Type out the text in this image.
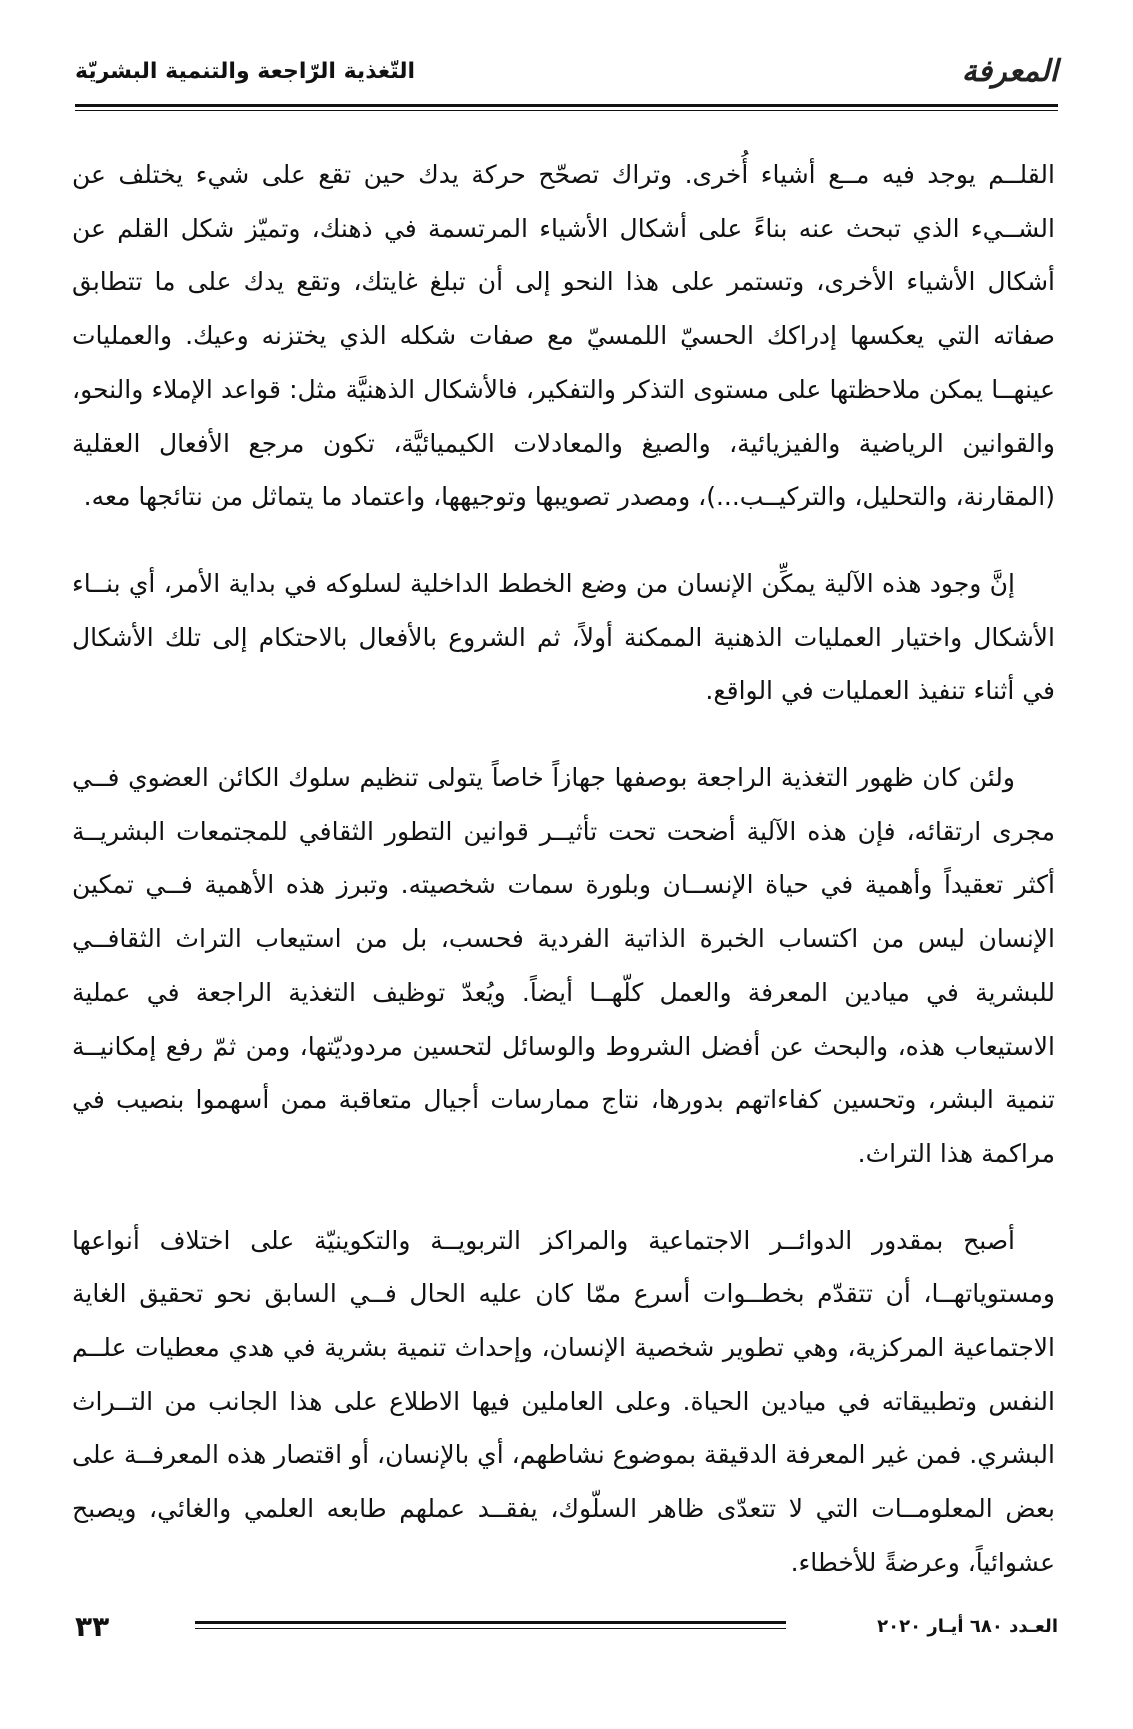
المعرفة
التّغذية الرّاجعة والتنمية البشريّة

القلــم يوجد فيه مــع أشياء أُخرى. وتراك تصحّح حركة يدك حين تقع على شيء يختلف عن الشــيء الذي تبحث عنه بناءً على أشكال الأشياء المرتسمة في ذهنك، وتميّز شكل القلم عن أشكال الأشياء الأخرى، وتستمر على هذا النحو إلى أن تبلغ غايتك، وتقع يدك على ما تتطابق صفاته التي يعكسها إدراكك الحسيّ اللمسيّ مع صفات شكله الذي يختزنه وعيك. والعمليات عينهــا يمكن ملاحظتها على مستوى التذكر والتفكير، فالأشكال الذهنيَّة مثل: قواعد الإملاء والنحو، والقوانين الرياضية والفيزيائية، والصيغ والمعادلات الكيميائيَّة، تكون مرجع الأفعال العقلية (المقارنة، والتحليل، والتركيــب...)، ومصدر تصويبها وتوجيهها، واعتماد ما يتماثل من نتائجها معه.

إنَّ وجود هذه الآلية يمكِّن الإنسان من وضع الخطط الداخلية لسلوكه في بداية الأمر، أي بنــاء الأشكال واختيار العمليات الذهنية الممكنة أولاً، ثم الشروع بالأفعال بالاحتكام إلى تلك الأشكال في أثناء تنفيذ العمليات في الواقع.

ولئن كان ظهور التغذية الراجعة بوصفها جهازاً خاصاً يتولى تنظيم سلوك الكائن العضوي فــي مجرى ارتقائه، فإن هذه الآلية أضحت تحت تأثيــر قوانين التطور الثقافي للمجتمعات البشريــة أكثر تعقيداً وأهمية في حياة الإنســان وبلورة سمات شخصيته. وتبرز هذه الأهمية فــي تمكين الإنسان ليس من اكتساب الخبرة الذاتية الفردية فحسب، بل من استيعاب التراث الثقافــي للبشرية في ميادين المعرفة والعمل كلّهــا أيضاً. ويُعدّ توظيف التغذية الراجعة في عملية الاستيعاب هذه، والبحث عن أفضل الشروط والوسائل لتحسين مردوديّتها، ومن ثمّ رفع إمكانيــة تنمية البشر، وتحسين كفاءاتهم بدورها، نتاج ممارسات أجيال متعاقبة ممن أسهموا بنصيب في مراكمة هذا التراث.

أصبح بمقدور الدوائــر الاجتماعية والمراكز التربويــة والتكوينيّة على اختلاف أنواعها ومستوياتهــا، أن تتقدّم بخطــوات أسرع ممّا كان عليه الحال فــي السابق نحو تحقيق الغاية الاجتماعية المركزية، وهي تطوير شخصية الإنسان، وإحداث تنمية بشرية في هدي معطيات علــم النفس وتطبيقاته في ميادين الحياة. وعلى العاملين فيها الاطلاع على هذا الجانب من التــراث البشري. فمن غير المعرفة الدقيقة بموضوع نشاطهم، أي بالإنسان، أو اقتصار هذه المعرفــة على بعض المعلومــات التي لا تتعدّى ظاهر السلّوك، يفقــد عملهم طابعه العلمي والغائي، ويصبح عشوائياً، وعرضةً للأخطاء.

العـدد ٦٨٠ أيـار ٢٠٢٠
٣٣
